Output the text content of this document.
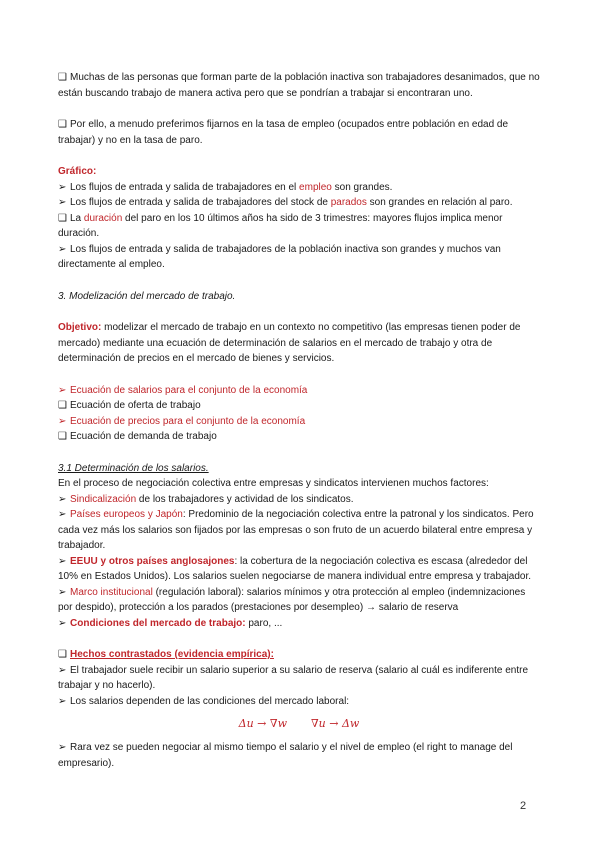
❑ Muchas de las personas que forman parte de la población inactiva son trabajadores desanimados, que no están buscando trabajo de manera activa pero que se pondrían a trabajar si encontraran uno.

❑ Por ello, a menudo preferimos fijarnos en la tasa de empleo (ocupados entre población en edad de trabajar) y no en la tasa de paro.

Gráfico:

➢ Los flujos de entrada y salida de trabajadores en el empleo son grandes.

➢ Los flujos de entrada y salida de trabajadores del stock de parados son grandes en relación al paro.

❑ La duración del paro en los 10 últimos años ha sido de 3 trimestres: mayores flujos implica menor duración.

➢ Los flujos de entrada y salida de trabajadores de la población inactiva son grandes y muchos van directamente al empleo.

3. Modelización del mercado de trabajo.

Objetivo: modelizar el mercado de trabajo en un contexto no competitivo (las empresas tienen poder de mercado) mediante una ecuación de determinación de salarios en el mercado de trabajo y otra de determinación de precios en el mercado de bienes y servicios.

➢ Ecuación de salarios para el conjunto de la economía

❑ Ecuación de oferta de trabajo

➢ Ecuación de precios para el conjunto de la economía

❑ Ecuación de demanda de trabajo

3.1 Determinación de los salarios.

En el proceso de negociación colectiva entre empresas y sindicatos intervienen muchos factores:

➢ Sindicalización de los trabajadores y actividad de los sindicatos.

➢ Países europeos y Japón: Predominio de la negociación colectiva entre la patronal y los sindicatos. Pero cada vez más los salarios son fijados por las empresas o son fruto de un acuerdo bilateral entre empresa y trabajador.

➢ EEUU y otros países anglosajones: la cobertura de la negociación colectiva es escasa (alrededor del 10% en Estados Unidos). Los salarios suelen negociarse de manera individual entre empresa y trabajador.

➢ Marco institucional (regulación laboral): salarios mínimos y otra protección al empleo (indemnizaciones por despido), protección a los parados (prestaciones por desempleo) → salario de reserva

➢ Condiciones del mercado de trabajo: paro, ...

❑ Hechos contrastados (evidencia empírica):

➢ El trabajador suele recibir un salario superior a su salario de reserva (salario al cuál es indiferente entre trabajar y no hacerlo).

➢ Los salarios dependen de las condiciones del mercado laboral:

Δu → ∇w ∇u → Δw

➢ Rara vez se pueden negociar al mismo tiempo el salario y el nivel de empleo (el right to manage del empresario).

2
